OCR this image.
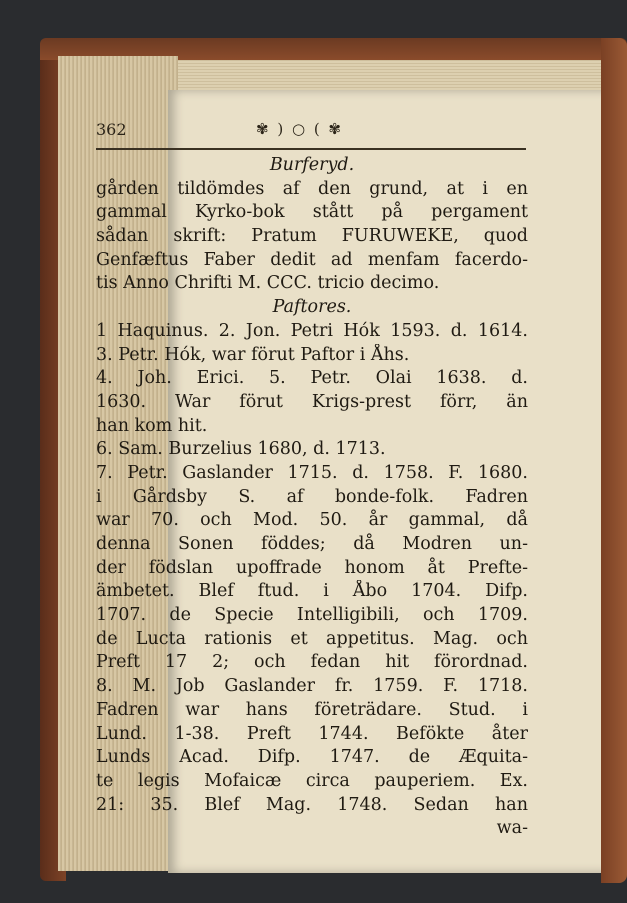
362	✾ ) ○ ( ✾
Burferyd.
gården tildömdes af den grund, at i en
gammal Kyrko-bok stått på pergament
sådan skrift: Pratum FURUWEKE, quod
Genfæftus Faber dedit ad menfam facerdo-
tis Anno Chrifti M. CCC. tricio decimo.
Paftores.
1 Haquinus. 2. Jon. Petri Hók 1593. d. 1614.
3. Petr. Hók, war förut Paftor i Åhs.
4. Joh. Erici. 5. Petr. Olai 1638. d.
1630. War förut Krigs-prest förr, än
han kom hit.
6. Sam. Burzelius 1680, d. 1713.
7. Petr. Gaslander 1715. d. 1758. F. 1680.
i Gårdsby S. af bonde-folk. Fadren
war 70. och Mod. 50. år gammal, då
denna Sonen föddes; då Modren un-
der födslan upoffrade honom åt Prefte-
ämbetet. Blef ftud. i Åbo 1704. Difp.
1707. de Specie Intelligibili, och 1709.
de Lucta rationis et appetitus. Mag. och
Preft 17 2; och fedan hit förordnad.
8. M. Job Gaslander fr. 1759. F. 1718.
Fadren war hans företrädare. Stud. i
Lund. 1-38. Preft 1744. Befökte åter
Lunds Acad. Difp. 1747. de Æquita-
te legis Mofaicæ circa pauperiem. Ex.
21: 35. Blef Mag. 1748. Sedan han
wa-
